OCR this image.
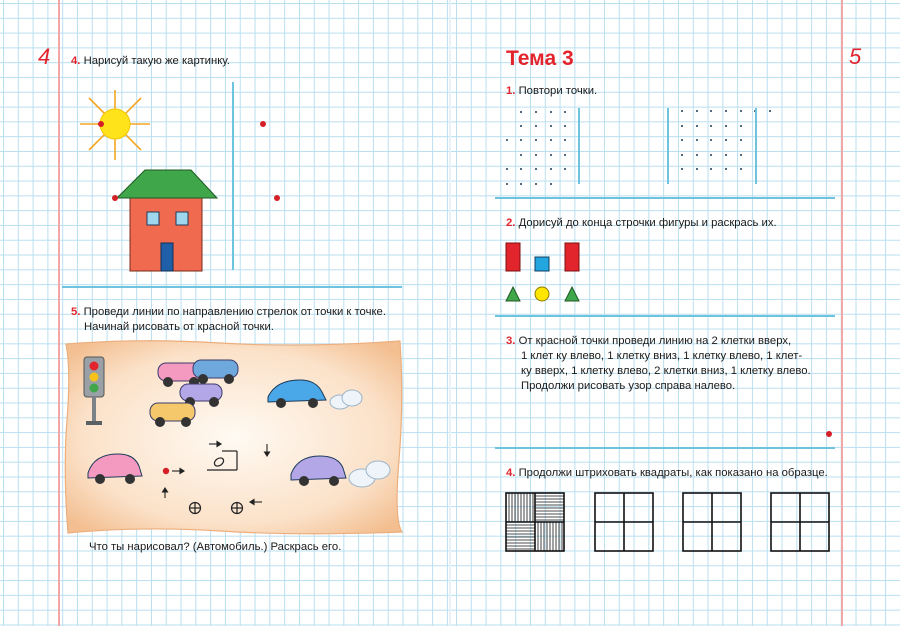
4 4. Нарисуй такую же картинку.
5. Проведи линии по направлению стрелок от точки к точке.
Начинай рисовать от красной точки.
Что ты нарисовал? (Автомобиль.) Раскрась его.
5
Тема 3
1. Повтори точки.
2. Дорисуй до конца строчки фигуры и раскрась их.
3. От красной точки проведи линию на 2 клетки вверх,
1 клет ку влево, 1 клетку вниз, 1 клетку влево, 1 клет-
ку вверх, 1 клетку влево, 2 клетки вниз, 1 клетку влево.
Продолжи рисовать узор справа налево.
4. Продолжи штриховать квадраты, как показано на образце.
